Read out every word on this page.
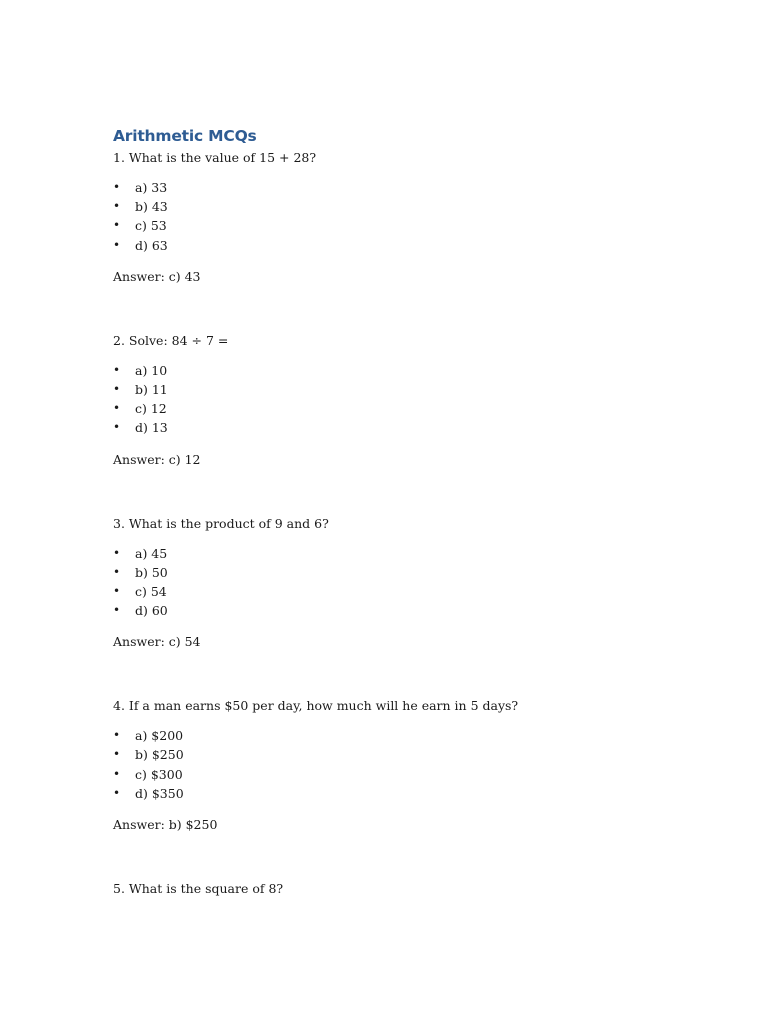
Arithmetic MCQs

1. What is the value of 15 + 28?

• a) 33
• b) 43
• c) 53
• d) 63

Answer: c) 43

2. Solve: 84 ÷ 7 =

• a) 10
• b) 11
• c) 12
• d) 13

Answer: c) 12

3. What is the product of 9 and 6?

• a) 45
• b) 50
• c) 54
• d) 60

Answer: c) 54

4. If a man earns $50 per day, how much will he earn in 5 days?

• a) $200
• b) $250
• c) $300
• d) $350

Answer: b) $250

5. What is the square of 8?
